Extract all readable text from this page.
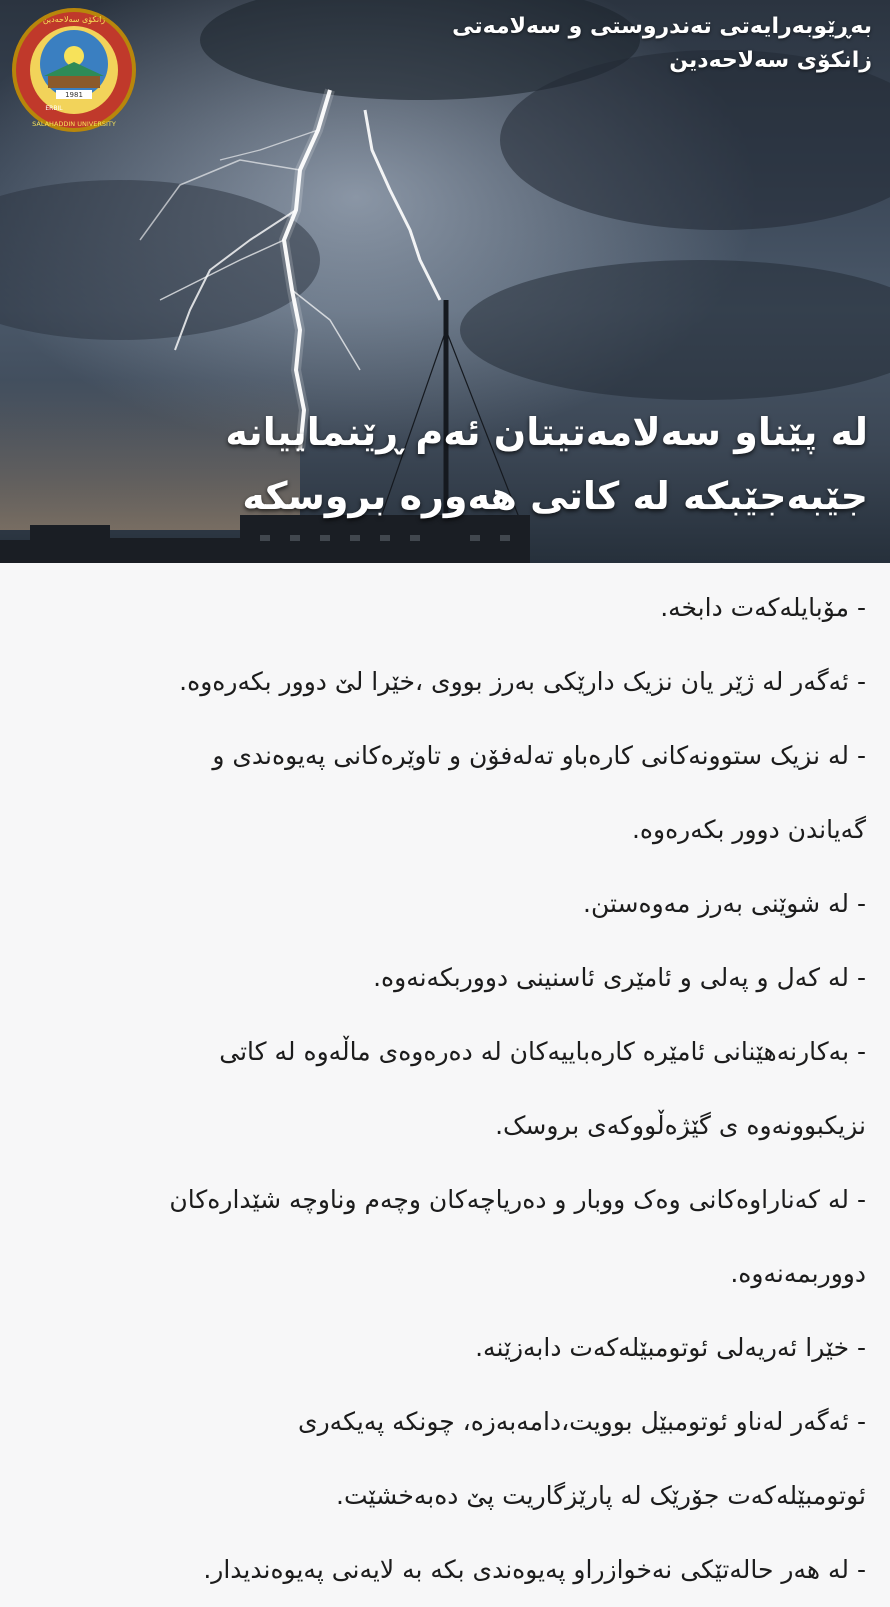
1981
زانکۆی سەلاحەدین
SALAHADDIN UNIVERSITY
ERBIL
بەڕێوبەرایەتی تەندروستی و سەلامەتی
زانکۆی سەلاحەدین
لە پێناو سەلامەتیتان ئەم ڕێنماییانە
جێبەجێبکە لە کاتی هەورە بروسکە

- مۆبایلەکەت دابخە.

- ئەگەر لە ژێر یان نزیک دارێکی بەرز بووی ،خێرا لێ دوور بکەرەوە.

- لە نزیک ستوونەکانی کارەباو تەلەفۆن و تاوێرەکانی پەیوەندی و

گەیاندن دوور بکەرەوە.

- لە شوێنی بەرز مەوەستن.

- لە کەل و پەلی و ئامێری ئاسنینی دووربکەنەوە.

- بەکارنەهێنانی ئامێرە کارەباییەکان لە دەرەوەی ماڵەوە لە کاتی

نزیکبوونەوە ی گێژەڵووکەی بروسک.

- لە کەناراوەکانی وەک ووبار و دەریاچەکان وچەم وناوچە شێدارەکان

دووربمەنەوە.

- خێرا ئەریەلی ئوتومبێلەکەت دابەزێنە.

- ئەگەر لەناو ئوتومبێل بوویت،دامەبەزە، چونکە پەیکەری

ئوتومبێلەکەت جۆرێک لە پارێزگاریت پێ دەبەخشێت.

- لە هەر حالەتێکی نەخوازراو پەیوەندی بکە بە لایەنی پەیوەندیدار.
